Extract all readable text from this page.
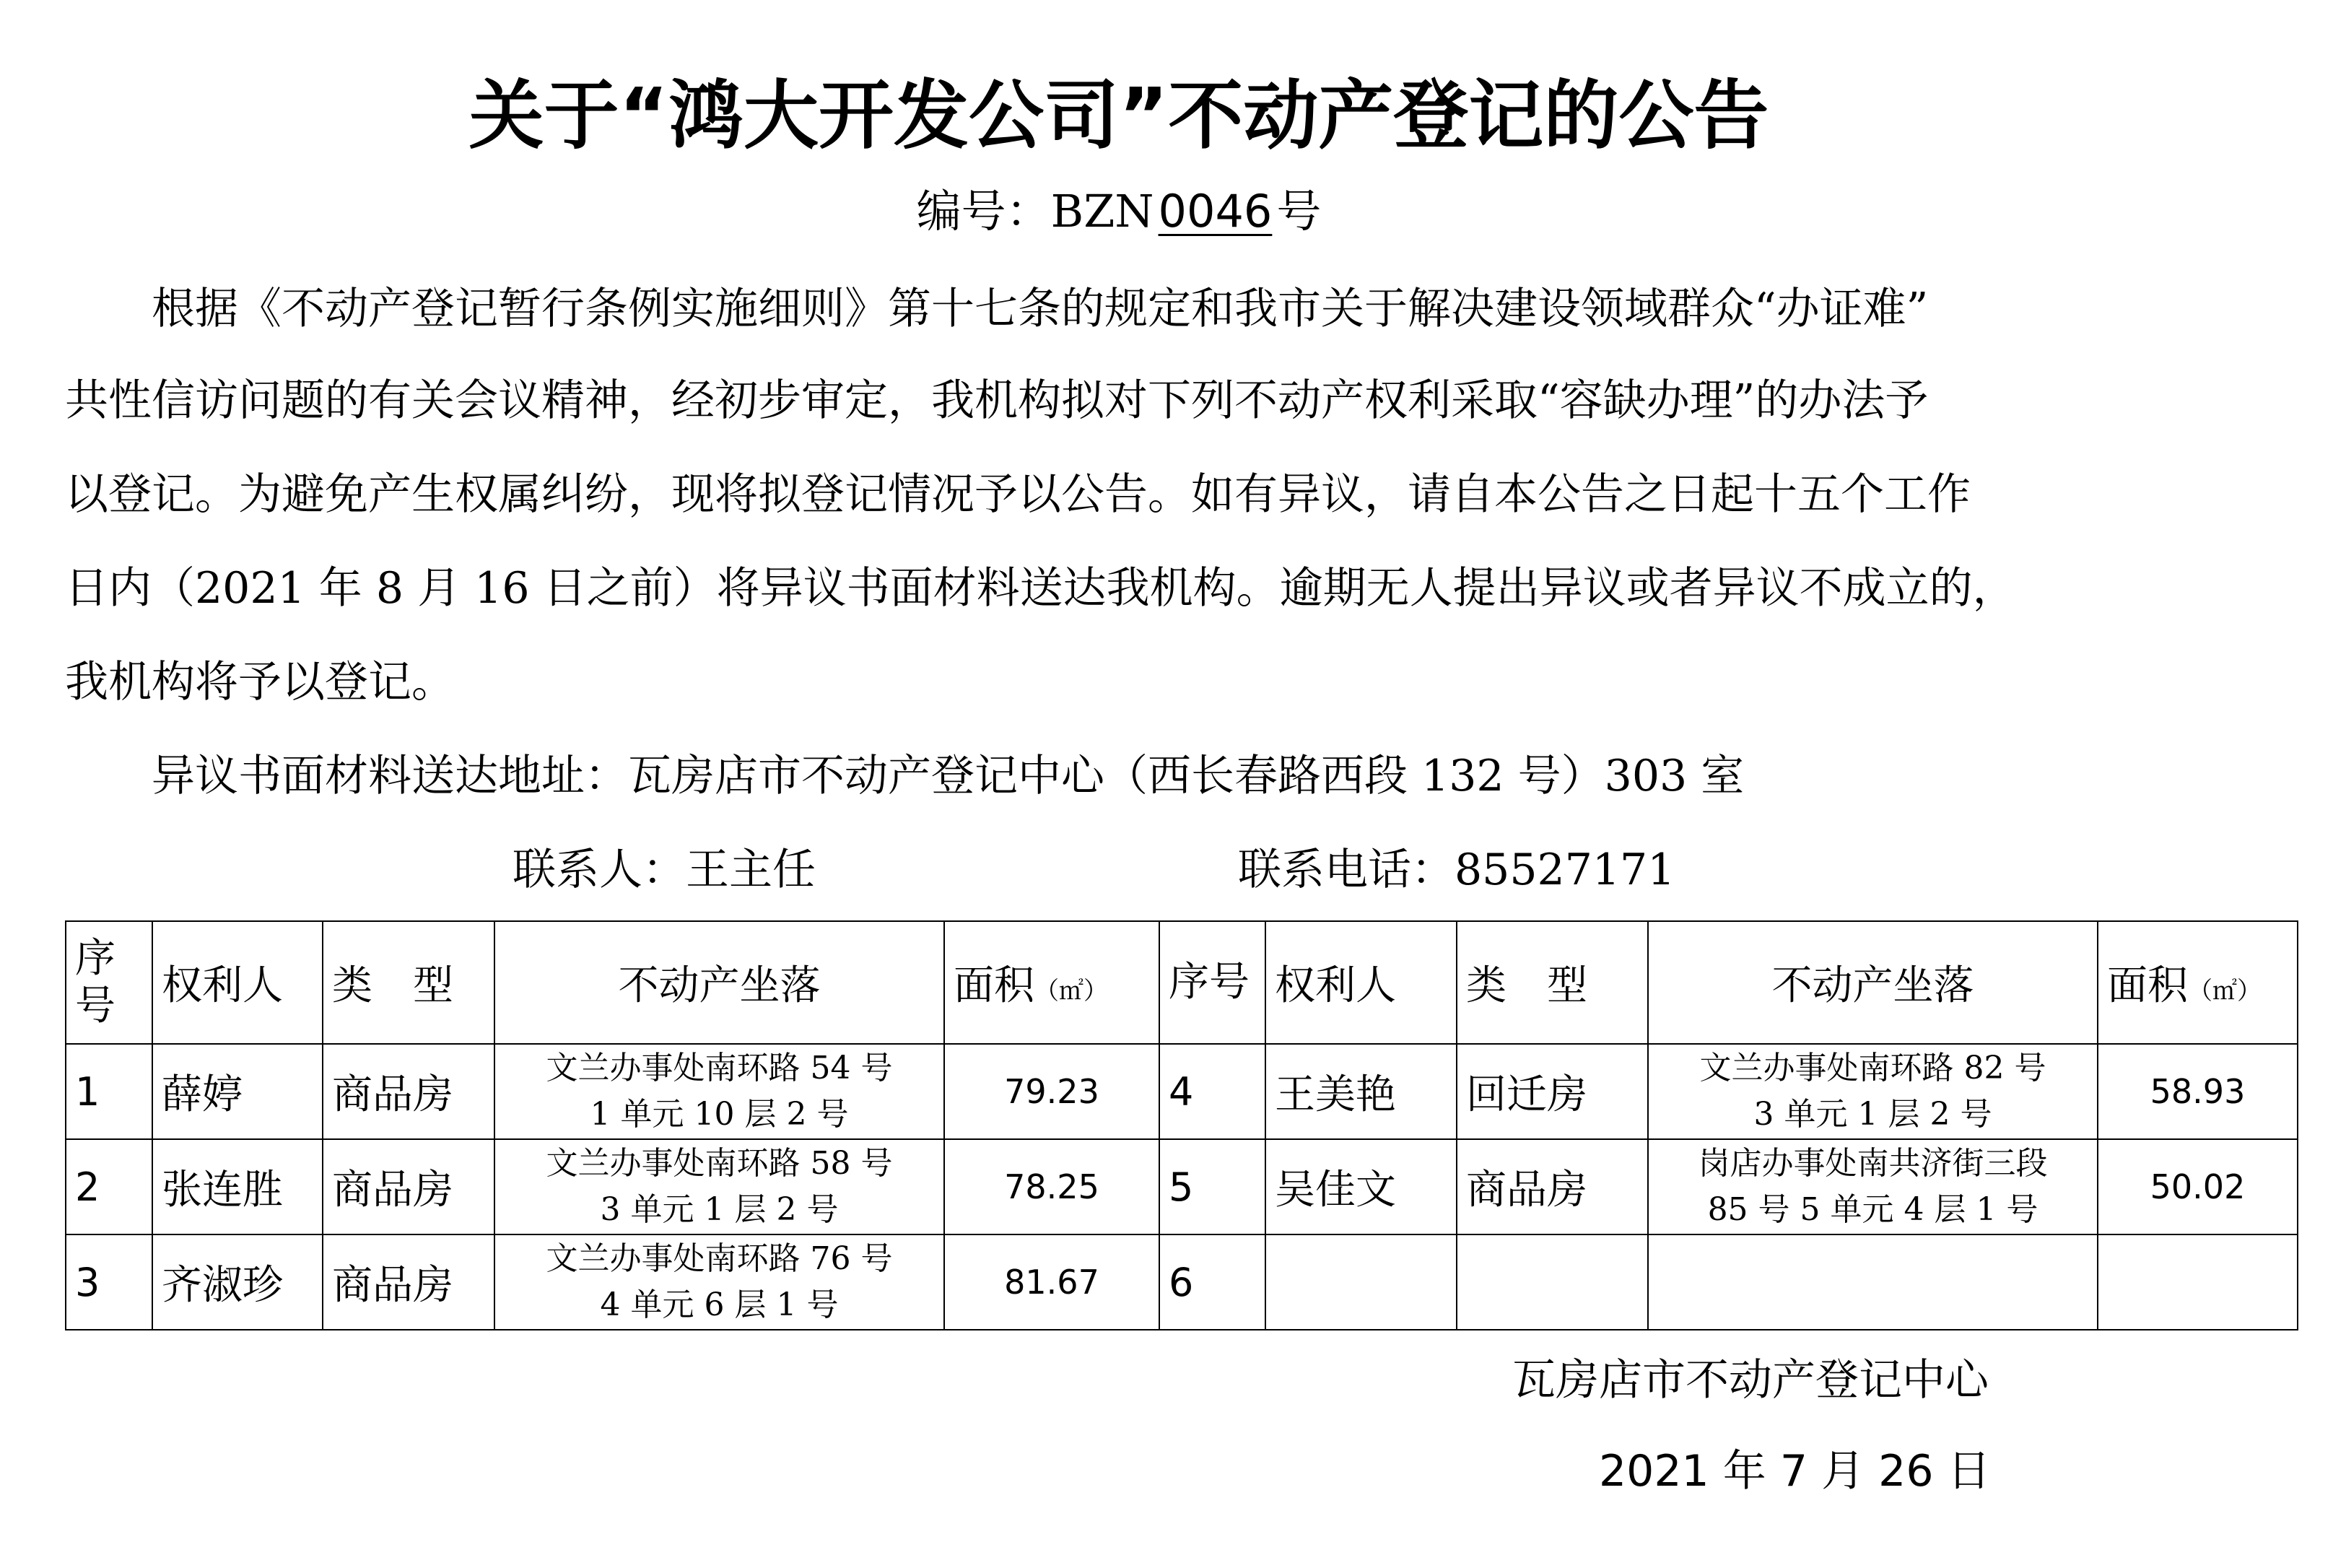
关于“鸿大开发公司”不动产登记的公告
编号：BZN0046号
　　根据《不动产登记暂行条例实施细则》第十七条的规定和我市关于解决建设领域群众“办证难”
共性信访问题的有关会议精神，经初步审定，我机构拟对下列不动产权利采取“容缺办理”的办法予
以登记。为避免产生权属纠纷，现将拟登记情况予以公告。如有异议，请自本公告之日起十五个工作
日内（2021 年 8 月 16 日之前）将异议书面材料送达我机构。逾期无人提出异议或者异议不成立的，
我机构将予以登记。
　　异议书面材料送达地址：瓦房店市不动产登记中心（西长春路西段 132 号）303 室
联系人：王主任	联系电话：85527171
序号	权利人	类　型	不动产坐落	面积（㎡）	序号	权利人	类　型	不动产坐落	面积（㎡）
1	薛婷	商品房	文兰办事处南环路 54 号
1 单元 10 层 2 号	79.23	4	王美艳	回迁房	文兰办事处南环路 82 号
3 单元 1 层 2 号	58.93
2	张连胜	商品房	文兰办事处南环路 58 号
3 单元 1 层 2 号	78.25	5	吴佳文	商品房	岗店办事处南共济街三段
85 号 5 单元 4 层 1 号	50.02
3	齐淑珍	商品房	文兰办事处南环路 76 号
4 单元 6 层 1 号	81.67	6				
瓦房店市不动产登记中心
2021 年 7 月 26 日
